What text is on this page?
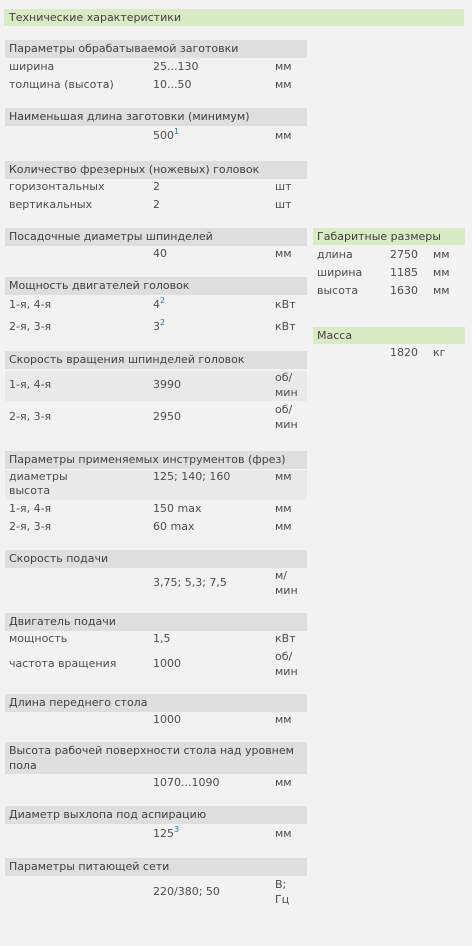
Технические характеристики
Параметры обрабатываемой заготовки
ширина	25...130	мм
толщина (высота)	10...50	мм
Наименьшая длина заготовки (минимум)
$500^1$	мм
Количество фрезерных (ножевых) головок
горизонтальных	2	шт
вертикальных	2	шт
Посадочные диаметры шпинделей
40	мм
Мощность двигателей головок
1-я, 4-я	$4^2$	кВт
2-я, 3-я	$3^2$	кВт
Скорость вращения шпинделей головок
1-я, 4-я	3990
об/
мин
2-я, 3-я	2950
об/
мин
Параметры применяемых инструментов (фрез)
диаметры
высота
125; 140; 160	мм
1-я, 4-я	150 max	мм
2-я, 3-я	60 max	мм
Скорость подачи
3,75; 5,3; 7,5
м/
мин
Двигатель подачи
мощность	1,5	кВт
частота вращения	1000
об/
мин
Длина переднего стола
1000	мм
Высота рабочей поверхности стола над уровнем
пола
1070...1090	мм
Диаметр выхлопа под аспирацию
$125^3$	мм
Параметры питающей сети
220/380; 50
В;
Гц
Габаритные размеры
длина	2750 мм
ширина	1185 мм
высота	1630 мм
Масса
1820 кг
